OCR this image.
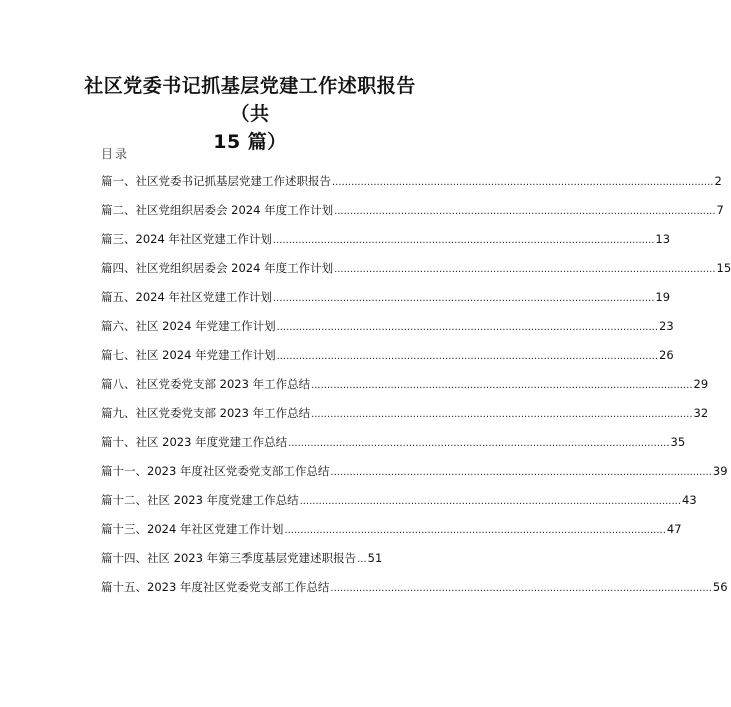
社区党委书记抓基层党建工作述职报告（共
15 篇）
目录
篇一、社区党委书记抓基层党建工作述职报告 ........................................................................................................................ 2
篇二、社区党组织居委会 2024 年度工作计划 ........................................................................................................................ 7
篇三、2024 年社区党建工作计划 ........................................................................................................................ 13
篇四、社区党组织居委会 2024 年度工作计划 ........................................................................................................................ 15
篇五、2024 年社区党建工作计划 ........................................................................................................................ 19
篇六、社区 2024 年党建工作计划 ........................................................................................................................ 23
篇七、社区 2024 年党建工作计划 ........................................................................................................................ 26
篇八、社区党委党支部 2023 年工作总结 ........................................................................................................................ 29
篇九、社区党委党支部 2023 年工作总结 ........................................................................................................................ 32
篇十、社区 2023 年度党建工作总结 ........................................................................................................................ 35
篇十一、2023 年度社区党委党支部工作总结 ........................................................................................................................ 39
篇十二、社区 2023 年度党建工作总结 ........................................................................................................................ 43
篇十三、2024 年社区党建工作计划 ........................................................................................................................ 47
篇十四、社区 2023 年第三季度基层党建述职报告 ... 51
篇十五、2023 年度社区党委党支部工作总结 ........................................................................................................................ 56
